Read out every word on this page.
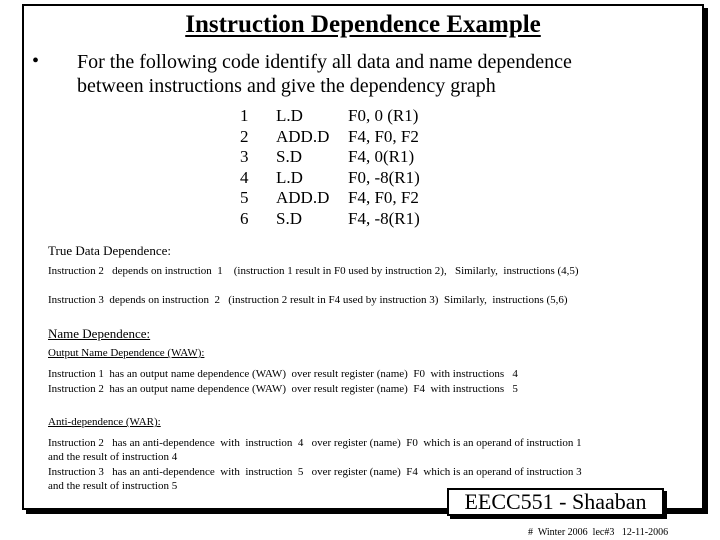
Instruction Dependence Example
• For the following code identify all data and name dependence
between instructions and give the dependency graph
1	L.D	F0, 0 (R1)
2	ADD.D	F4, F0, F2
3	S.D	F4, 0(R1)
4	L.D	F0, -8(R1)
5	ADD.D	F4, F0, F2
6	S.D	F4, -8(R1)
True Data Dependence:
Instruction 2   depends on instruction  1    (instruction 1 result in F0 used by instruction 2),   Similarly,  instructions (4,5)
Instruction 3  depends on instruction  2   (instruction 2 result in F4 used by instruction 3)  Similarly,  instructions (5,6)
Name Dependence:
Output Name Dependence (WAW):
Instruction 1  has an output name dependence (WAW)  over result register (name)  F0  with instructions   4
Instruction 2  has an output name dependence (WAW)  over result register (name)  F4  with instructions   5
Anti-dependence (WAR):
Instruction 2   has an anti-dependence  with  instruction  4   over register (name)  F0  which is an operand of instruction 1
and the result of instruction 4
Instruction 3   has an anti-dependence  with  instruction  5   over register (name)  F4  which is an operand of instruction 3
and the result of instruction 5
EECC551 - Shaaban
#  Winter 2006  lec#3   12-11-2006
